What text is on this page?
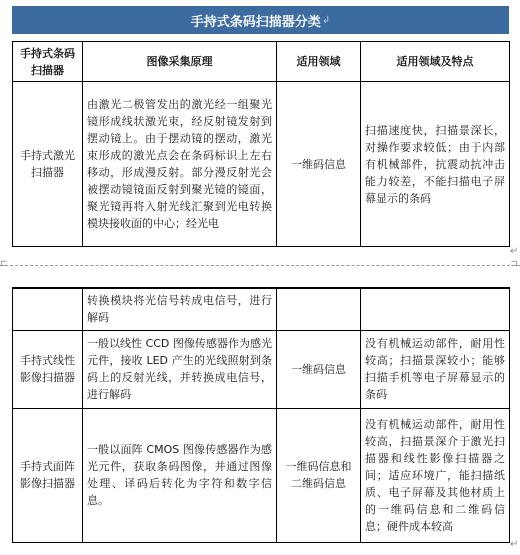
手持式条码扫描器分类 ↲
手持式条码扫描器	图像采集原理	适用领域	适用领域及特点
手持式激光扫描器	由激光二极管发出的激光经一组聚光镜形成线状激光束，经反射镜发射到摆动镜上。由于摆动镜的摆动，激光束形成的激光点会在条码标识上左右移动，形成漫反射。部分漫反射光会被摆动镜镜面反射到聚光镜的镜面，聚光镜再将入射光线汇聚到光电转换模块接收面的中心；经光电	一维码信息	扫描速度快，扫描景深长，对操作要求较低；由于内部有机械部件，抗震动抗冲击能力较差，不能扫描电子屏幕显示的条码
↵
⊏	⊐
	转换模块将光信号转成电信号，进行解码		
手持式线性影像扫描器	一般以线性 CCD 图像传感器作为感光元件，接收 LED 产生的光线照射到条码上的反射光线，并转换成电信号，进行解码	一维码信息	没有机械运动部件，耐用性较高；扫描景深较小；能够扫描手机等电子屏幕显示的条码
手持式面阵影像扫描器	一般以面阵 CMOS 图像传感器作为感光元件，获取条码图像，并通过图像处理、译码后转化为字符和数字信息。	一维码信息和二维码信息	没有机械运动部件，耐用性较高，扫描景深介于激光扫描器和线性影像扫描器之间；适应环境广，能扫描纸质、电子屏幕及其他材质上的一维码信息和二维码信息；硬件成本较高
↵
